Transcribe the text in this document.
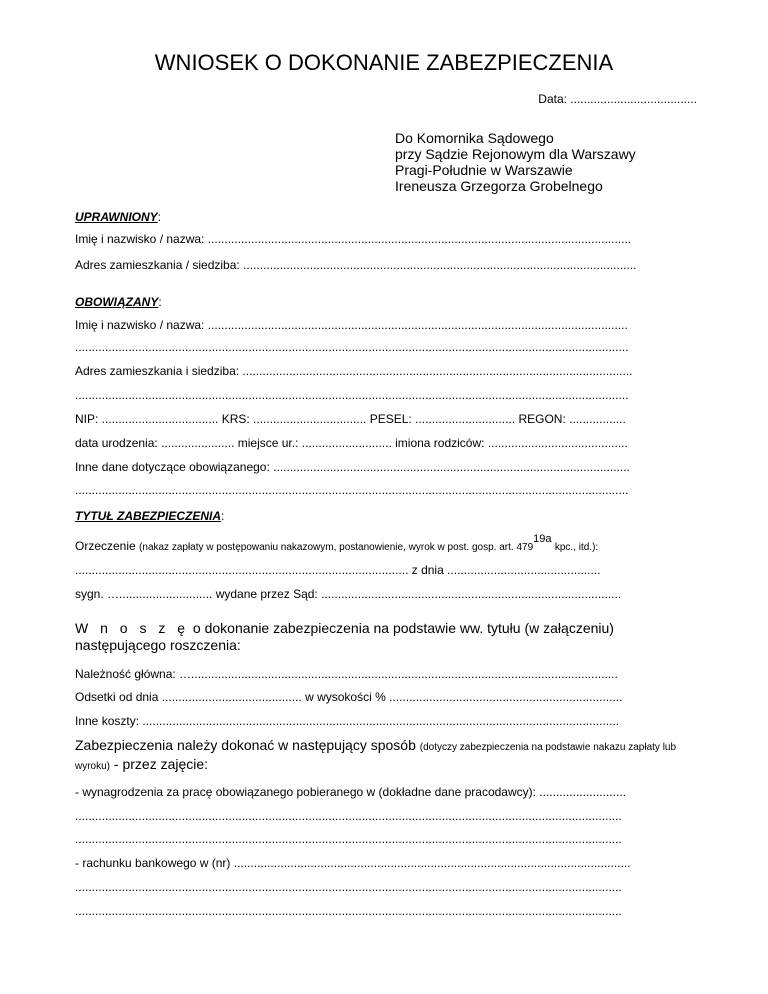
WNIOSEK O DOKONANIE ZABEZPIECZENIA
Data: ......................................
Do Komornika Sądowego
przy Sądzie Rejonowym dla Warszawy
Pragi-Południe w Warszawie
Ireneusza Grzegorza Grobelnego
UPRAWNIONY:
Imię i nazwisko / nazwa: ...............................................................................................................................
Adres zamieszkania / siedziba: ......................................................................................................................
OBOWIĄZANY:
Imię i nazwisko / nazwa: ..............................................................................................................................
......................................................................................................................................................................
Adres zamieszkania i siedziba: .....................................................................................................................
......................................................................................................................................................................
NIP: ................................... KRS: .................................. PESEL: .............................. REGON: .................
data urodzenia: ...................... miejsce ur.: ........................... imiona rodziców: ..........................................
Inne dane dotyczące obowiązanego: ...........................................................................................................
......................................................................................................................................................................
TYTUŁ ZABEZPIECZENIA:
Orzeczenie (nakaz zapłaty w postępowaniu nakazowym, postanowienie, wyrok w post. gosp. art. 47919a kpc., itd.):
.................................................................................................... z dnia ..............................................
sygn. …............................ wydane przez Sąd: ..........................................................................................
W n o s z ę o dokonanie zabezpieczenia na podstawie ww. tytułu (w załączeniu) następującego roszczenia:
Należność główna: …................................................................................................................................
Odsetki od dnia .......................................... w wysokości % ......................................................................
Inne koszty: ...............................................................................................................................................
Zabezpieczenia należy dokonać w następujący sposób (dotyczy zabezpieczenia na podstawie nakazu zapłaty lub wyroku) - przez zajęcie:
- wynagrodzenia za pracę obowiązanego pobieranego w (dokładne dane pracodawcy): ..........................
....................................................................................................................................................................
....................................................................................................................................................................
- rachunku bankowego w (nr) .......................................................................................................................
....................................................................................................................................................................
....................................................................................................................................................................
